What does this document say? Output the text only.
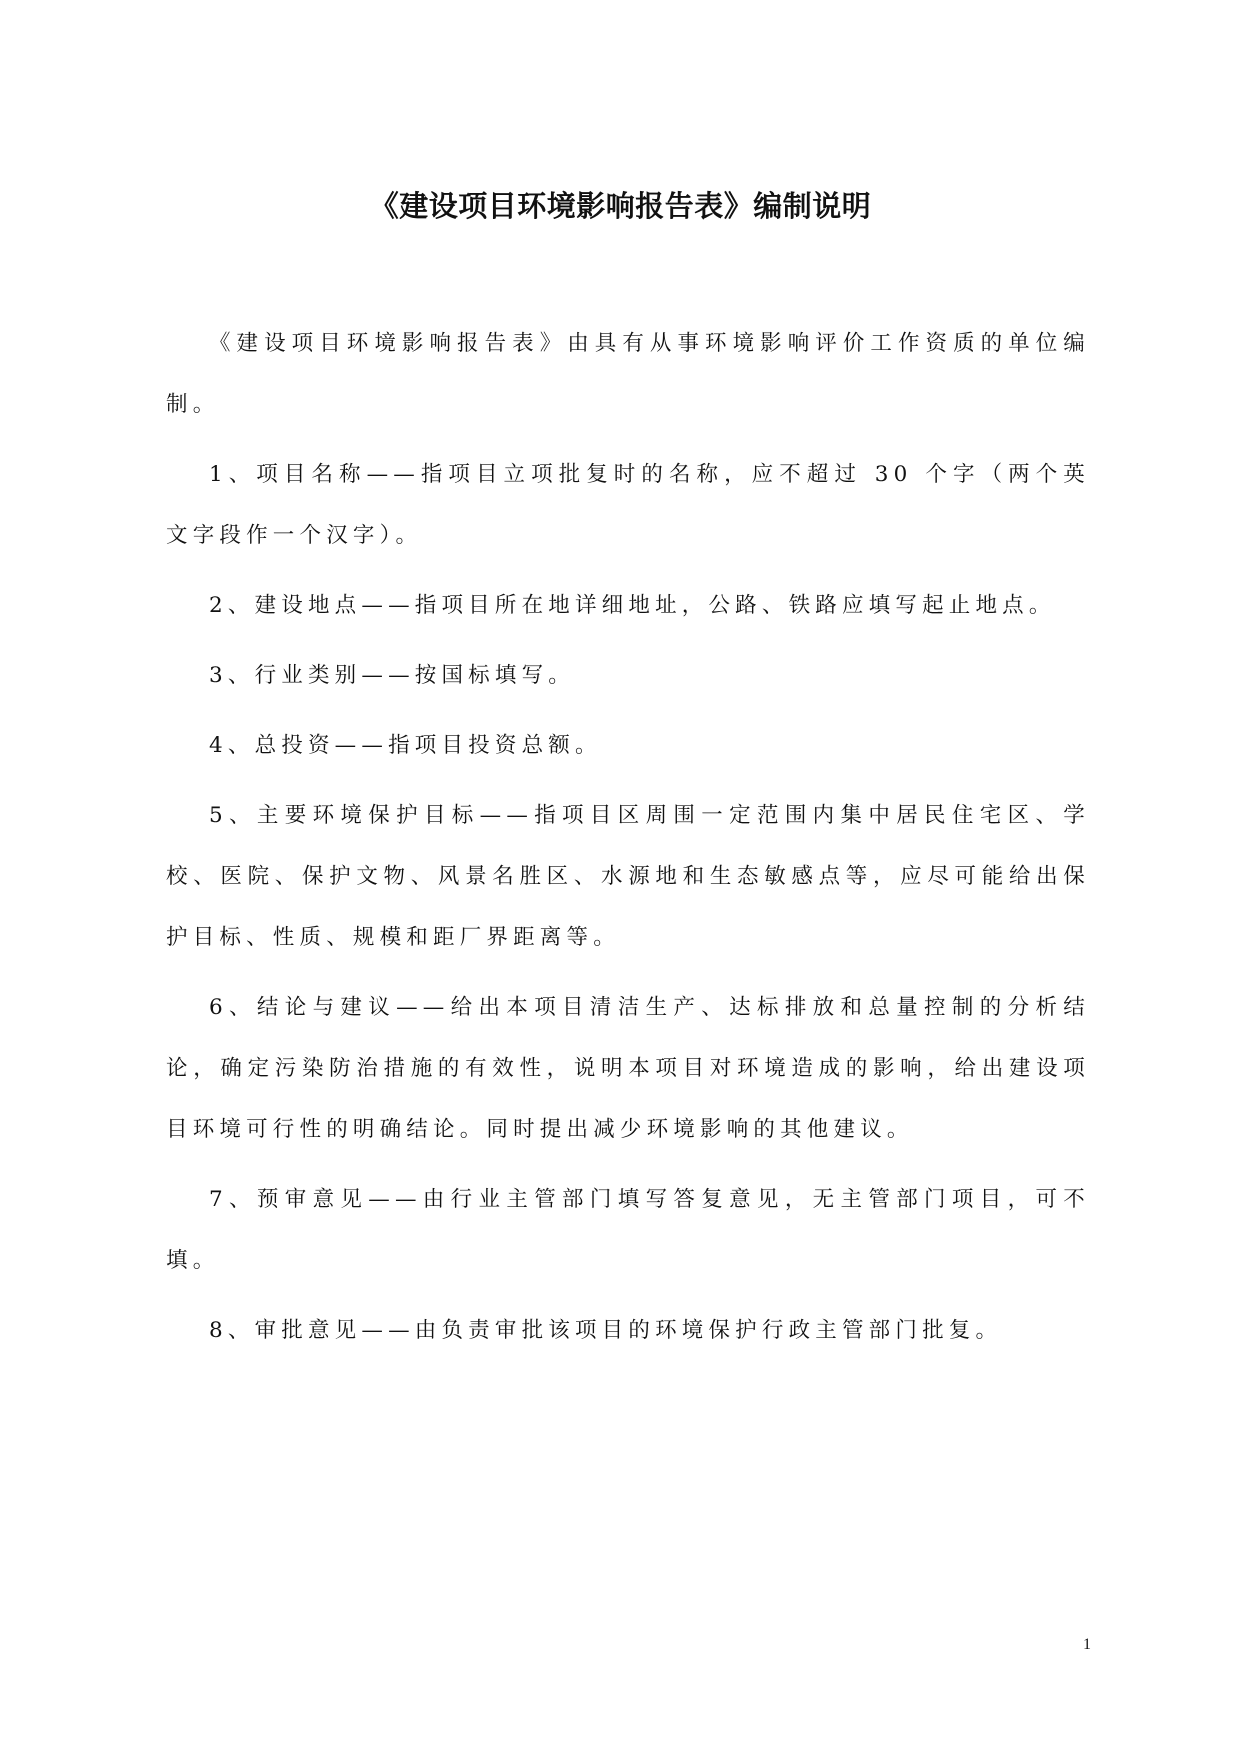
《建设项目环境影响报告表》编制说明

《建设项目环境影响报告表》由具有从事环境影响评价工作资质的单位编制。

1、项目名称——指项目立项批复时的名称，应不超过 30 个字（两个英文字段作一个汉字）。

2、建设地点——指项目所在地详细地址，公路、铁路应填写起止地点。

3、行业类别——按国标填写。

4、总投资——指项目投资总额。

5、主要环境保护目标——指项目区周围一定范围内集中居民住宅区、学校、医院、保护文物、风景名胜区、水源地和生态敏感点等，应尽可能给出保护目标、性质、规模和距厂界距离等。

6、结论与建议——给出本项目清洁生产、达标排放和总量控制的分析结论，确定污染防治措施的有效性，说明本项目对环境造成的影响，给出建设项目环境可行性的明确结论。同时提出减少环境影响的其他建议。

7、预审意见——由行业主管部门填写答复意见，无主管部门项目，可不填。

8、审批意见——由负责审批该项目的环境保护行政主管部门批复。

1
